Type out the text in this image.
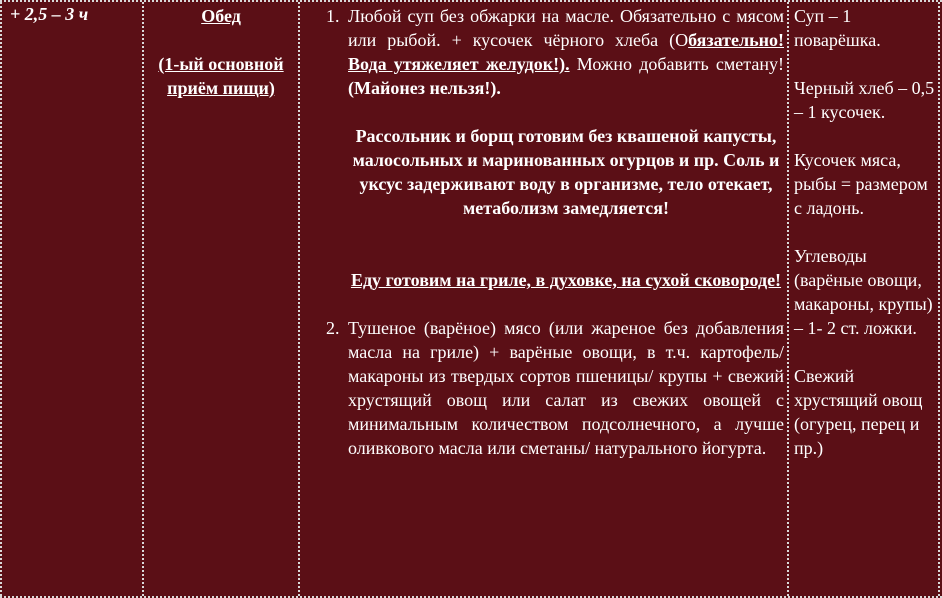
+ 2,5 – 3 ч	Обед
(1-ый основной приём пищи)
1. Любой суп без обжарки на масле. Обязательно с мясом или рыбой. + кусочек чёрного хлеба (Обязательно! Вода утяжеляет желудок!). Можно добавить сметану! (Майонез нельзя!).
Рассольник и борщ готовим без квашеной капусты, малосольных и маринованных огурцов и пр. Соль и уксус задерживают воду в организме, тело отекает, метаболизм замедляется!
Еду готовим на гриле, в духовке, на сухой сковороде!
2. Тушеное (варёное) мясо (или жареное без добавления масла на гриле) + варёные овощи, в т.ч. картофель/ макароны из твердых сортов пшеницы/ крупы + свежий хрустящий овощ или салат из свежих овощей с минимальным количеством подсолнечного, а лучше оливкового масла или сметаны/ натурального йогурта.

Суп – 1 поварёшка.

Черный хлеб – 0,5 – 1 кусочек.

Кусочек мяса, рыбы = размером с ладонь.

Углеводы (варёные овощи, макароны, крупы) – 1- 2 ст. ложки.

Свежий хрустящий овощ (огурец, перец и пр.)
